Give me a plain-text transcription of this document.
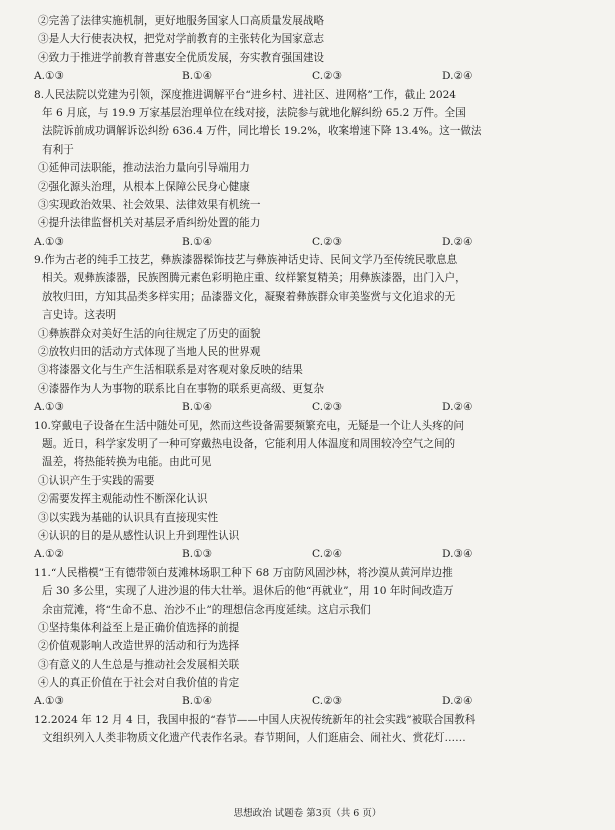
②完善了法律实施机制，更好地服务国家人口高质量发展战略
③是人大行使表决权，把党对学前教育的主张转化为国家意志
④致力于推进学前教育普惠安全优质发展，夯实教育强国建设
A.①③	B.①④	C.②③	D.②④
8.人民法院以党建为引领，深度推进调解平台“进乡村、进社区、进网格”工作，截止 2024
年 6 月底，与 19.9 万家基层治理单位在线对接，法院参与就地化解纠纷 65.2 万件。全国
法院诉前成功调解诉讼纠纷 636.4 万件，同比增长 19.2%，收案增速下降 13.4%。这一做法
有利于
①延伸司法职能，推动法治力量向引导端用力
②强化源头治理，从根本上保障公民身心健康
③实现政治效果、社会效果、法律效果有机统一
④提升法律监督机关对基层矛盾纠纷处置的能力
A.①③	B.①④	C.②③	D.②④
9.作为古老的纯手工技艺，彝族漆器髹饰技艺与彝族神话史诗、民间文学乃至传统民歌息息
相关。观彝族漆器，民族图腾元素色彩明艳庄重、纹样繁复精美；用彝族漆器，出门入户，
放牧归田，方知其品类多样实用；品漆器文化，凝聚着彝族群众审美鉴赏与文化追求的无
言史诗。这表明
①彝族群众对美好生活的向往规定了历史的面貌
②放牧归田的活动方式体现了当地人民的世界观
③将漆器文化与生产生活相联系是对客观对象反映的结果
④漆器作为人为事物的联系比自在事物的联系更高级、更复杂
A.①③	B.①④	C.②③	D.②④
10.穿戴电子设备在生活中随处可见，然而这些设备需要频繁充电，无疑是一个让人头疼的问
题。近日，科学家发明了一种可穿戴热电设备，它能利用人体温度和周围较冷空气之间的
温差，将热能转换为电能。由此可见
①认识产生于实践的需要
②需要发挥主观能动性不断深化认识
③以实践为基础的认识具有直接现实性
④认识的目的是从感性认识上升到理性认识
A.①②	B.①③	C.②④	D.③④
11.“人民楷模”王有德带领白芨滩林场职工种下 68 万亩防风固沙林，将沙漠从黄河岸边推
后 30 多公里，实现了人进沙退的伟大壮举。退休后的他“再就业”，用 10 年时间改造万
余亩荒滩，将“生命不息、治沙不止”的理想信念再度延续。这启示我们
①坚持集体利益至上是正确价值选择的前提
②价值观影响人改造世界的活动和行为选择
③有意义的人生总是与推动社会发展相关联
④人的真正价值在于社会对自我价值的肯定
A.①③	B.①④	C.②③	D.②④
12.2024 年 12 月 4 日，我国申报的“春节——中国人庆祝传统新年的社会实践”被联合国教科
文组织列入人类非物质文化遗产代表作名录。春节期间，人们逛庙会、闹社火、赏花灯……
思想政治 试题卷 第3页（共 6 页）
